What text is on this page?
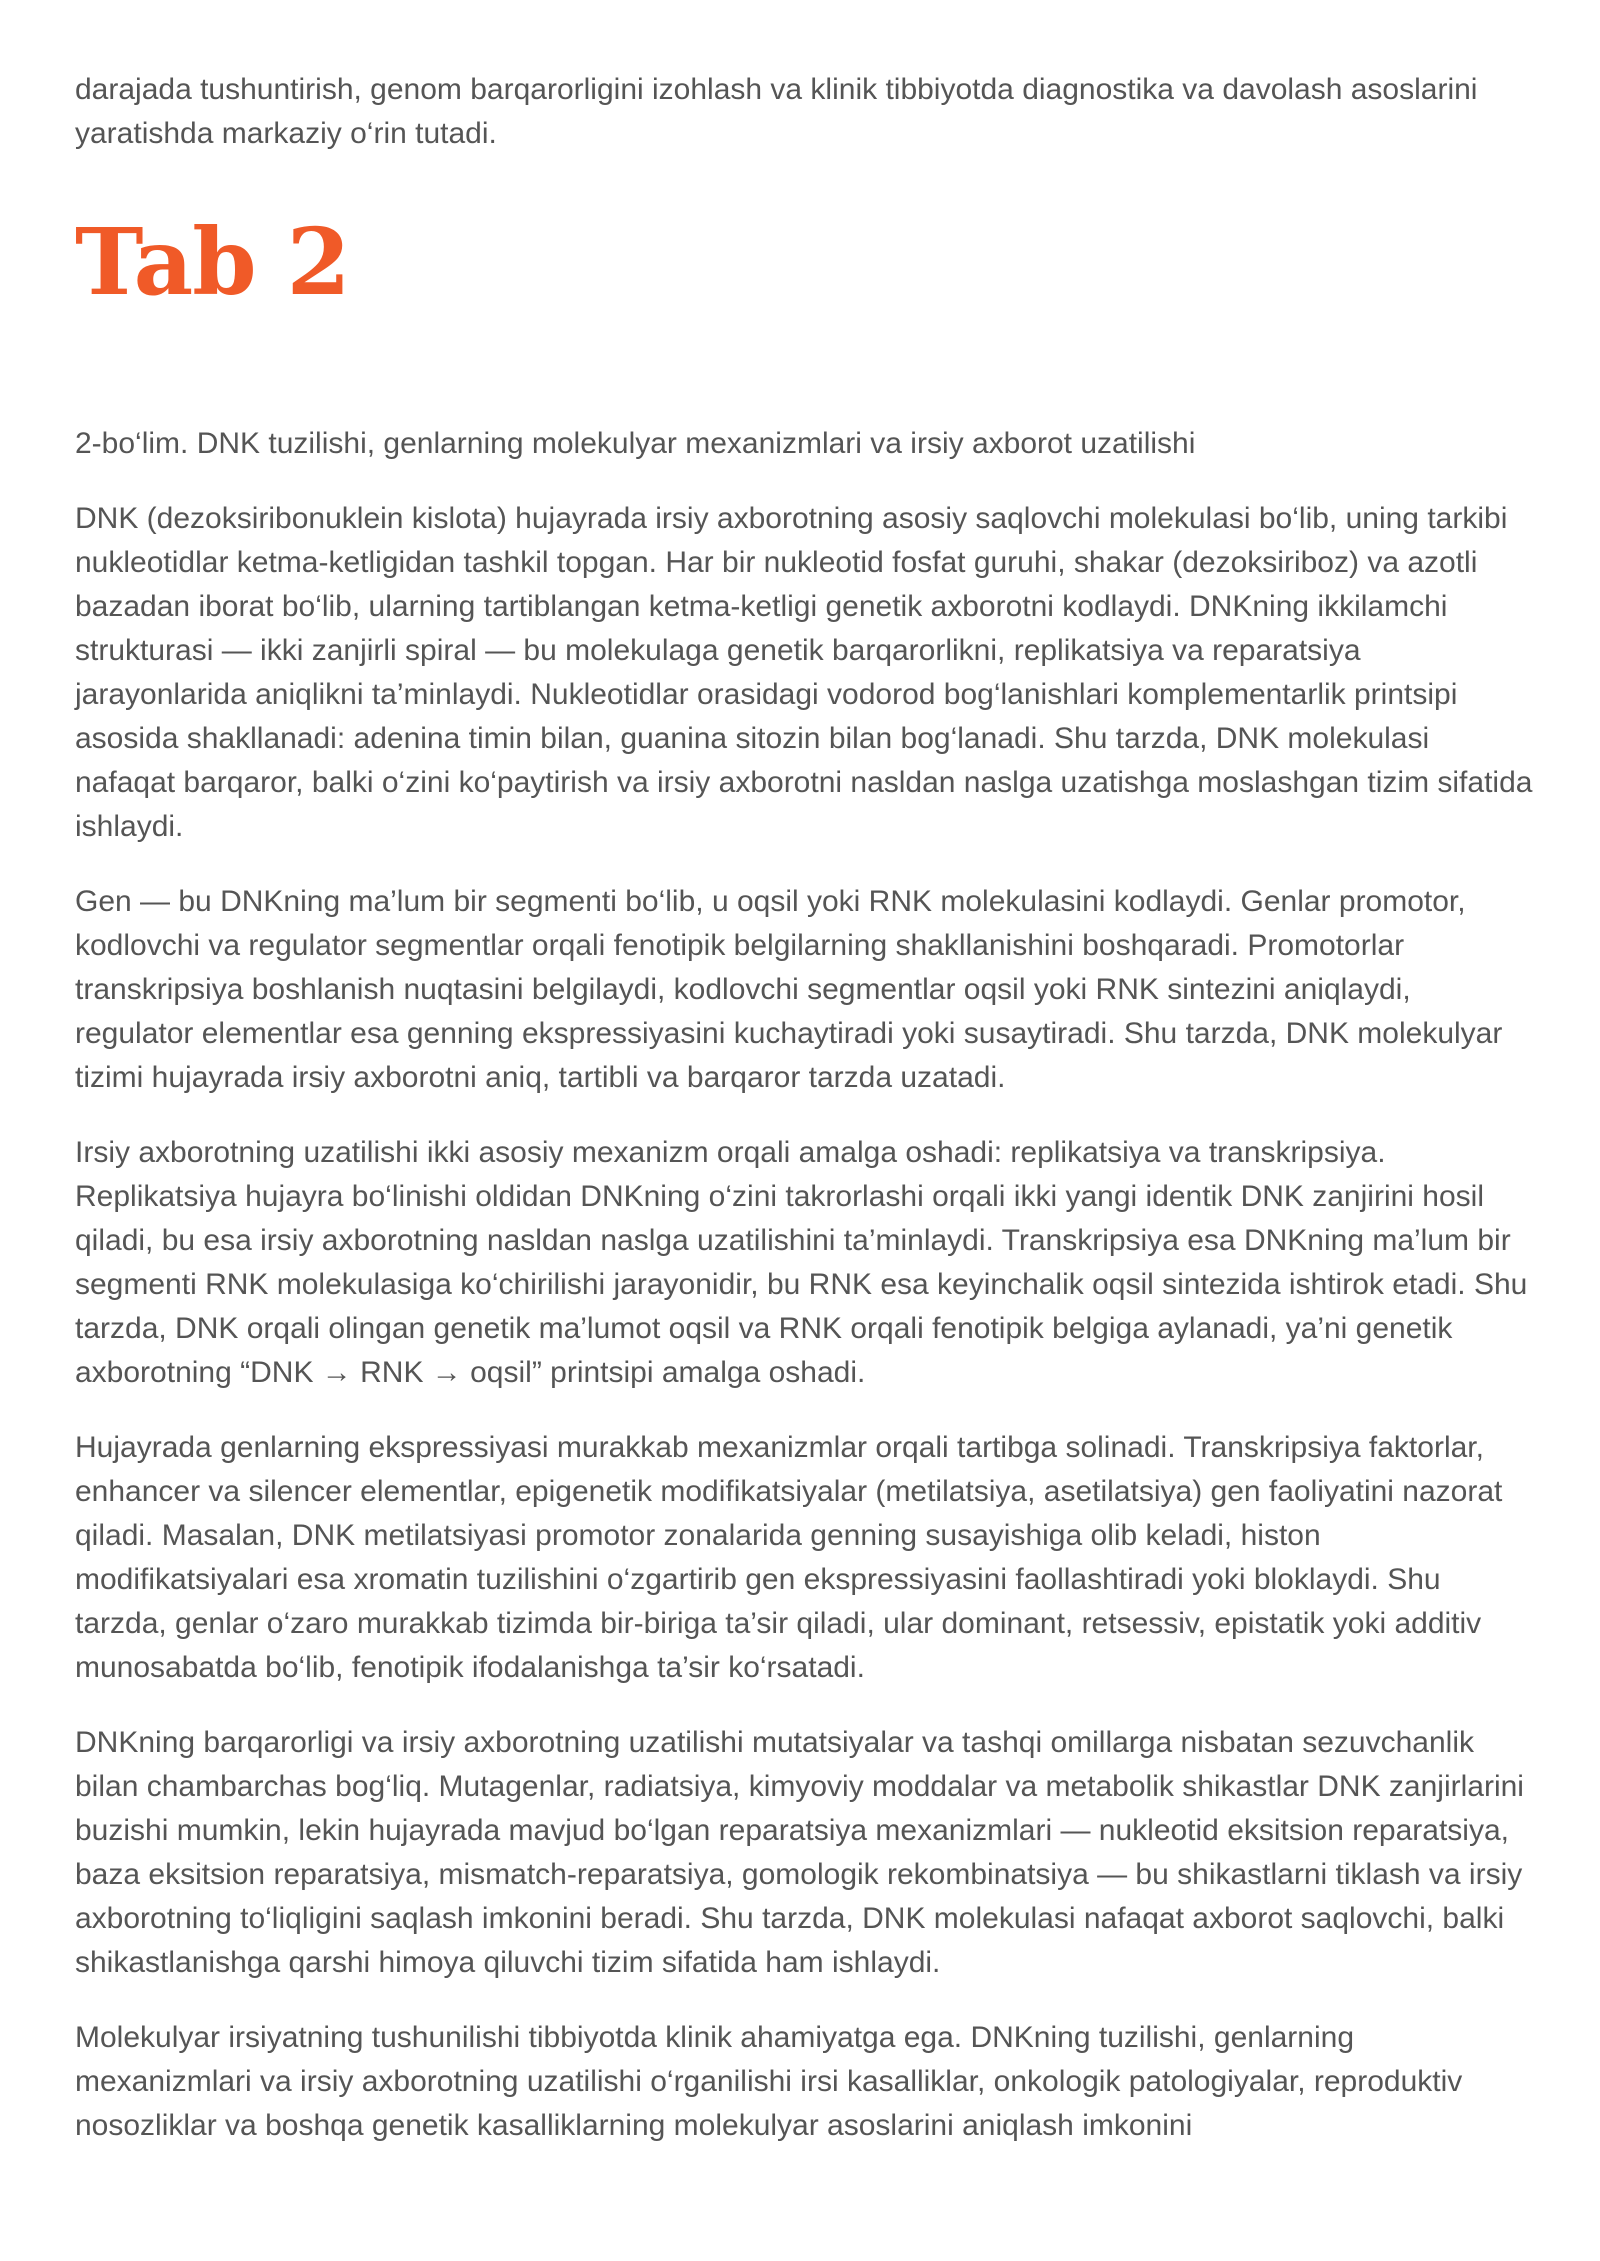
darajada tushuntirish, genom barqarorligini izohlash va klinik tibbiyotda diagnostika va davolash asoslarini yaratishda markaziy o‘rin tutadi.

Tab 2

2-bo‘lim. DNK tuzilishi, genlarning molekulyar mexanizmlari va irsiy axborot uzatilishi

DNK (dezoksiribonuklein kislota) hujayrada irsiy axborotning asosiy saqlovchi molekulasi bo‘lib, uning tarkibi nukleotidlar ketma-ketligidan tashkil topgan. Har bir nukleotid fosfat guruhi, shakar (dezoksiriboz) va azotli bazadan iborat bo‘lib, ularning tartiblangan ketma-ketligi genetik axborotni kodlaydi. DNKning ikkilamchi strukturasi — ikki zanjirli spiral — bu molekulaga genetik barqarorlikni, replikatsiya va reparatsiya jarayonlarida aniqlikni ta’minlaydi. Nukleotidlar orasidagi vodorod bog‘lanishlari komplementarlik printsipi asosida shakllanadi: adenina timin bilan, guanina sitozin bilan bog‘lanadi. Shu tarzda, DNK molekulasi nafaqat barqaror, balki o‘zini ko‘paytirish va irsiy axborotni nasldan naslga uzatishga moslashgan tizim sifatida ishlaydi.

Gen — bu DNKning ma’lum bir segmenti bo‘lib, u oqsil yoki RNK molekulasini kodlaydi. Genlar promotor, kodlovchi va regulator segmentlar orqali fenotipik belgilarning shakllanishini boshqaradi. Promotorlar transkripsiya boshlanish nuqtasini belgilaydi, kodlovchi segmentlar oqsil yoki RNK sintezini aniqlaydi, regulator elementlar esa genning ekspressiyasini kuchaytiradi yoki susaytiradi. Shu tarzda, DNK molekulyar tizimi hujayrada irsiy axborotni aniq, tartibli va barqaror tarzda uzatadi.

Irsiy axborotning uzatilishi ikki asosiy mexanizm orqali amalga oshadi: replikatsiya va transkripsiya. Replikatsiya hujayra bo‘linishi oldidan DNKning o‘zini takrorlashi orqali ikki yangi identik DNK zanjirini hosil qiladi, bu esa irsiy axborotning nasldan naslga uzatilishini ta’minlaydi. Transkripsiya esa DNKning ma’lum bir segmenti RNK molekulasiga ko‘chirilishi jarayonidir, bu RNK esa keyinchalik oqsil sintezida ishtirok etadi. Shu tarzda, DNK orqali olingan genetik ma’lumot oqsil va RNK orqali fenotipik belgiga aylanadi, ya’ni genetik axborotning “DNK → RNK → oqsil” printsipi amalga oshadi.

Hujayrada genlarning ekspressiyasi murakkab mexanizmlar orqali tartibga solinadi. Transkripsiya faktorlar, enhancer va silencer elementlar, epigenetik modifikatsiyalar (metilatsiya, asetilatsiya) gen faoliyatini nazorat qiladi. Masalan, DNK metilatsiyasi promotor zonalarida genning susayishiga olib keladi, histon modifikatsiyalari esa xromatin tuzilishini o‘zgartirib gen ekspressiyasini faollashtiradi yoki bloklaydi. Shu tarzda, genlar o‘zaro murakkab tizimda bir-biriga ta’sir qiladi, ular dominant, retsessiv, epistatik yoki additiv munosabatda bo‘lib, fenotipik ifodalanishga ta’sir ko‘rsatadi.

DNKning barqarorligi va irsiy axborotning uzatilishi mutatsiyalar va tashqi omillarga nisbatan sezuvchanlik bilan chambarchas bog‘liq. Mutagenlar, radiatsiya, kimyoviy moddalar va metabolik shikastlar DNK zanjirlarini buzishi mumkin, lekin hujayrada mavjud bo‘lgan reparatsiya mexanizmlari — nukleotid eksitsion reparatsiya, baza eksitsion reparatsiya, mismatch-reparatsiya, gomologik rekombinatsiya — bu shikastlarni tiklash va irsiy axborotning to‘liqligini saqlash imkonini beradi. Shu tarzda, DNK molekulasi nafaqat axborot saqlovchi, balki shikastlanishga qarshi himoya qiluvchi tizim sifatida ham ishlaydi.

Molekulyar irsiyatning tushunilishi tibbiyotda klinik ahamiyatga ega. DNKning tuzilishi, genlarning mexanizmlari va irsiy axborotning uzatilishi o‘rganilishi irsi kasalliklar, onkologik patologiyalar, reproduktiv nosozliklar va boshqa genetik kasalliklarning molekulyar asoslarini aniqlash imkonini
